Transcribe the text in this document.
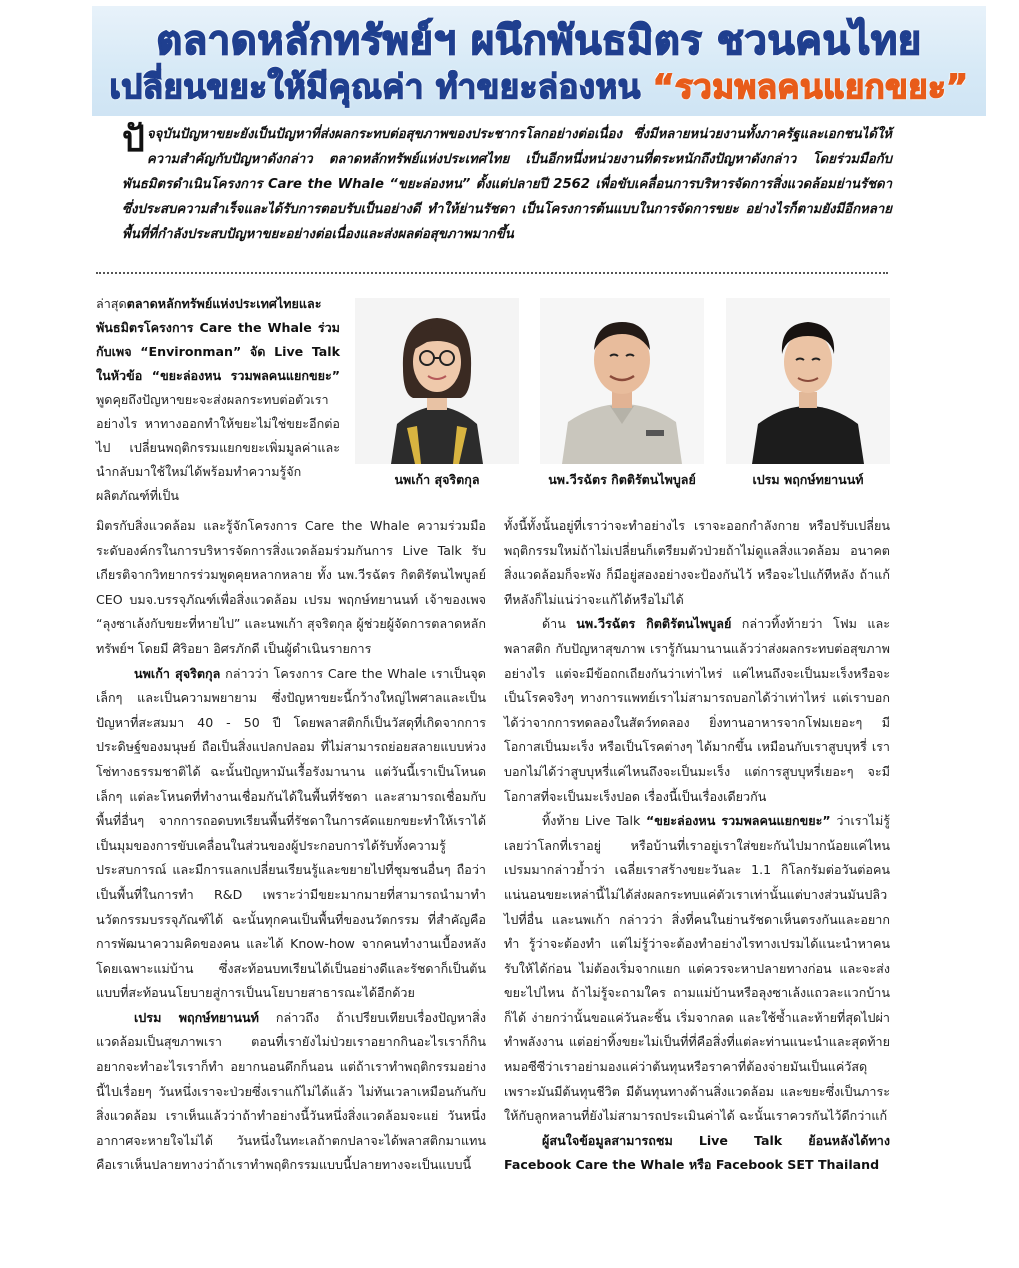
ตลาดหลักทรัพย์ฯ ผนึกพันธมิตร ชวนคนไทย
เปลี่ยนขยะให้มีคุณค่า ทำขยะล่องหน “รวมพลคนแยกขยะ”
ปัจจุบันปัญหาขยะยังเป็นปัญหาที่ส่งผลกระทบต่อสุขภาพของประชากรโลกอย่างต่อเนื่อง ซึ่งมีหลายหน่วยงานทั้งภาครัฐและเอกชนได้ให้ความสำคัญกับปัญหาดังกล่าว ตลาดหลักทรัพย์แห่งประเทศไทย เป็นอีกหนึ่งหน่วยงานที่ตระหนักถึงปัญหาดังกล่าว โดยร่วมมือกับพันธมิตรดำเนินโครงการ Care the Whale “ขยะล่องหน” ตั้งแต่ปลายปี 2562 เพื่อขับเคลื่อนการบริหารจัดการสิ่งแวดล้อมย่านรัชดา ซึ่งประสบความสำเร็จและได้รับการตอบรับเป็นอย่างดี ทำให้ย่านรัชดา เป็นโครงการต้นแบบในการจัดการขยะ อย่างไรก็ตามยังมีอีกหลายพื้นที่ที่กำลังประสบปัญหาขยะอย่างต่อเนื่องและส่งผลต่อสุขภาพมากขึ้น
ล่าสุดตลาดหลักทรัพย์แห่งประเทศไทยและพันธมิตรโครงการ Care the Whale ร่วมกับเพจ “Environman” จัด Live Talk ในหัวข้อ “ขยะล่องหน รวมพลคนแยกขยะ” พูดคุยถึงปัญหาขยะจะส่งผลกระทบต่อตัวเราอย่างไร หาทางออกทำให้ขยะไม่ใช่ขยะอีกต่อไป เปลี่ยนพฤติกรรมแยกขยะเพิ่มมูลค่าและนำกลับมาใช้ใหม่ได้พร้อมทำความรู้จักผลิตภัณฑ์ที่เป็น
นพเก้า สุจริตกุล	นพ.วีรฉัตร กิตติรัตนไพบูลย์	เปรม พฤกษ์ทยานนท์

มิตรกับสิ่งแวดล้อม และรู้จักโครงการ Care the Whale ความร่วมมือระดับองค์กรในการบริหารจัดการสิ่งแวดล้อมร่วมกันการ Live Talk รับเกียรติจากวิทยากรร่วมพูดคุยหลากหลาย ทั้ง นพ.วีรฉัตร กิตติรัตนไพบูลย์ CEO บมจ.บรรจุภัณฑ์เพื่อสิ่งแวดล้อม เปรม พฤกษ์ทยานนท์ เจ้าของเพจ “ลุงซาเล้งกับขยะที่หายไป” และนพเก้า สุจริตกุล ผู้ช่วยผู้จัดการตลาดหลักทรัพย์ฯ โดยมี ศิริอยา อิศรภักดี เป็นผู้ดำเนินรายการ

นพเก้า สุจริตกุล กล่าวว่า โครงการ Care the Whale เราเป็นจุดเล็กๆ และเป็นความพยายาม ซึ่งปัญหาขยะนี้กว้างใหญ่ไพศาลและเป็นปัญหาที่สะสมมา 40 - 50 ปี โดยพลาสติกก็เป็นวัสดุที่เกิดจากการประดิษฐ์ของมนุษย์ ถือเป็นสิ่งแปลกปลอม ที่ไม่สามารถย่อยสลายแบบห่วงโซ่ทางธรรมชาติได้ ฉะนั้นปัญหามันเรื้อรังมานาน แต่วันนี้เราเป็นโหนดเล็กๆ แต่ละโหนดที่ทำงานเชื่อมกันได้ในพื้นที่รัชดา และสามารถเชื่อมกับพื้นที่อื่นๆ จากการถอดบทเรียนพื้นที่รัชดาในการคัดแยกขยะทำให้เราได้เป็นมุมของการขับเคลื่อนในส่วนของผู้ประกอบการได้รับทั้งความรู้ ประสบการณ์ และมีการแลกเปลี่ยนเรียนรู้และขยายไปที่ชุมชนอื่นๆ ถือว่าเป็นพื้นที่ในการทำ R&D เพราะว่ามีขยะมากมายที่สามารถนำมาทำนวัตกรรมบรรจุภัณฑ์ได้ ฉะนั้นทุกคนเป็นพื้นที่ของนวัตกรรม ที่สำคัญคือการพัฒนาความคิดของคน และได้ Know-how จากคนทำงานเบื้องหลัง โดยเฉพาะแม่บ้าน ซึ่งสะท้อนบทเรียนได้เป็นอย่างดีและรัชดาก็เป็นต้นแบบที่สะท้อนนโยบายสู่การเป็นนโยบายสาธารณะได้อีกด้วย

เปรม พฤกษ์ทยานนท์ กล่าวถึง ถ้าเปรียบเทียบเรื่องปัญหาสิ่งแวดล้อมเป็นสุขภาพเรา ตอนที่เรายังไม่ป่วยเราอยากกินอะไรเราก็กิน อยากจะทำอะไรเราก็ทำ อยากนอนดึกก็นอน แต่ถ้าเราทำพฤติกรรมอย่างนี้ไปเรื่อยๆ วันหนึ่งเราจะป่วยซึ่งเราแก้ไม่ได้แล้ว ไม่ทันเวลาเหมือนกันกับสิ่งแวดล้อม เราเห็นแล้วว่าถ้าทำอย่างนี้วันหนึ่งสิ่งแวดล้อมจะแย่ วันหนึ่งอากาศจะหายใจไม่ได้ วันหนึ่งในทะเลถ้าตกปลาจะได้พลาสติกมาแทน คือเราเห็นปลายทางว่าถ้าเราทำพฤติกรรมแบบนี้ปลายทางจะเป็นแบบนี้

ทั้งนี้ทั้งนั้นอยู่ที่เราว่าจะทำอย่างไร เราจะออกกำลังกาย หรือปรับเปลี่ยนพฤติกรรมใหม่ถ้าไม่เปลี่ยนก็เตรียมตัวป่วยถ้าไม่ดูแลสิ่งแวดล้อม อนาคตสิ่งแวดล้อมก็จะพัง ก็มีอยู่สองอย่างจะป้องกันไว้ หรือจะไปแก้ทีหลัง ถ้าแก้ทีหลังก็ไม่แน่ว่าจะแก้ได้หรือไม่ได้

ด้าน นพ.วีรฉัตร กิตติรัตนไพบูลย์ กล่าวทิ้งท้ายว่า โฟม และพลาสติก กับปัญหาสุขภาพ เรารู้กันมานานแล้วว่าส่งผลกระทบต่อสุขภาพอย่างไร แต่จะมีข้อถกเถียงกันว่าเท่าไหร่ แค่ไหนถึงจะเป็นมะเร็งหรือจะเป็นโรคจริงๆ ทางการแพทย์เราไม่สามารถบอกได้ว่าเท่าไหร่ แต่เราบอกได้ว่าจากการทดลองในสัตว์ทดลอง ยิ่งทานอาหารจากโฟมเยอะๆ มีโอกาสเป็นมะเร็ง หรือเป็นโรคต่างๆ ได้มากขึ้น เหมือนกับเราสูบบุหรี่ เราบอกไม่ได้ว่าสูบบุหรี่แค่ไหนถึงจะเป็นมะเร็ง แต่การสูบบุหรี่เยอะๆ จะมีโอกาสที่จะเป็นมะเร็งปอด เรื่องนี้เป็นเรื่องเดียวกัน

ทิ้งท้าย Live Talk “ขยะล่องหน รวมพลคนแยกขยะ” ว่าเราไม่รู้เลยว่าโลกที่เราอยู่ หรือบ้านที่เราอยู่เราใส่ขยะกันไปมากน้อยแค่ไหน เปรมมากล่าวย้ำว่า เฉลี่ยเราสร้างขยะวันละ 1.1 กิโลกรัมต่อวันต่อคน แน่นอนขยะเหล่านี้ไม่ได้ส่งผลกระทบแค่ตัวเราเท่านั้นแต่บางส่วนมันปลิวไปที่อื่น และนพเก้า กล่าวว่า สิ่งที่คนในย่านรัชดาเห็นตรงกันและอยากทำ รู้ว่าจะต้องทำ แต่ไม่รู้ว่าจะต้องทำอย่างไรทางเปรมได้แนะนำหาคนรับให้ได้ก่อน ไม่ต้องเริ่มจากแยก แต่ควรจะหาปลายทางก่อน และจะส่งขยะไปไหน ถ้าไม่รู้จะถามใคร ถามแม่บ้านหรือลุงซาเล้งแถวละแวกบ้านก็ได้ ง่ายกว่านั้นขอแค่วันละชิ้น เริ่มจากลด และใช้ซ้ำและท้ายที่สุดไปผ่าทำพลังงาน แต่อย่าทิ้งขยะไม่เป็นที่ที่คือสิ่งที่แต่ละท่านแนะนำและสุดท้าย หมอซีซีว่าเราอย่ามองแค่ว่าต้นทุนหรือราคาที่ต้องจ่ายมันเป็นแค่วัสดุเพราะมันมีต้นทุนชีวิต มีต้นทุนทางด้านสิ่งแวดล้อม และขยะซึ่งเป็นภาระให้กับลูกหลานที่ยังไม่สามารถประเมินค่าได้ ฉะนั้นเราควรกันไว้ดีกว่าแก้

ผู้สนใจข้อมูลสามารถชม Live Talk ย้อนหลังได้ทาง Facebook Care the Whale หรือ Facebook SET Thailand
